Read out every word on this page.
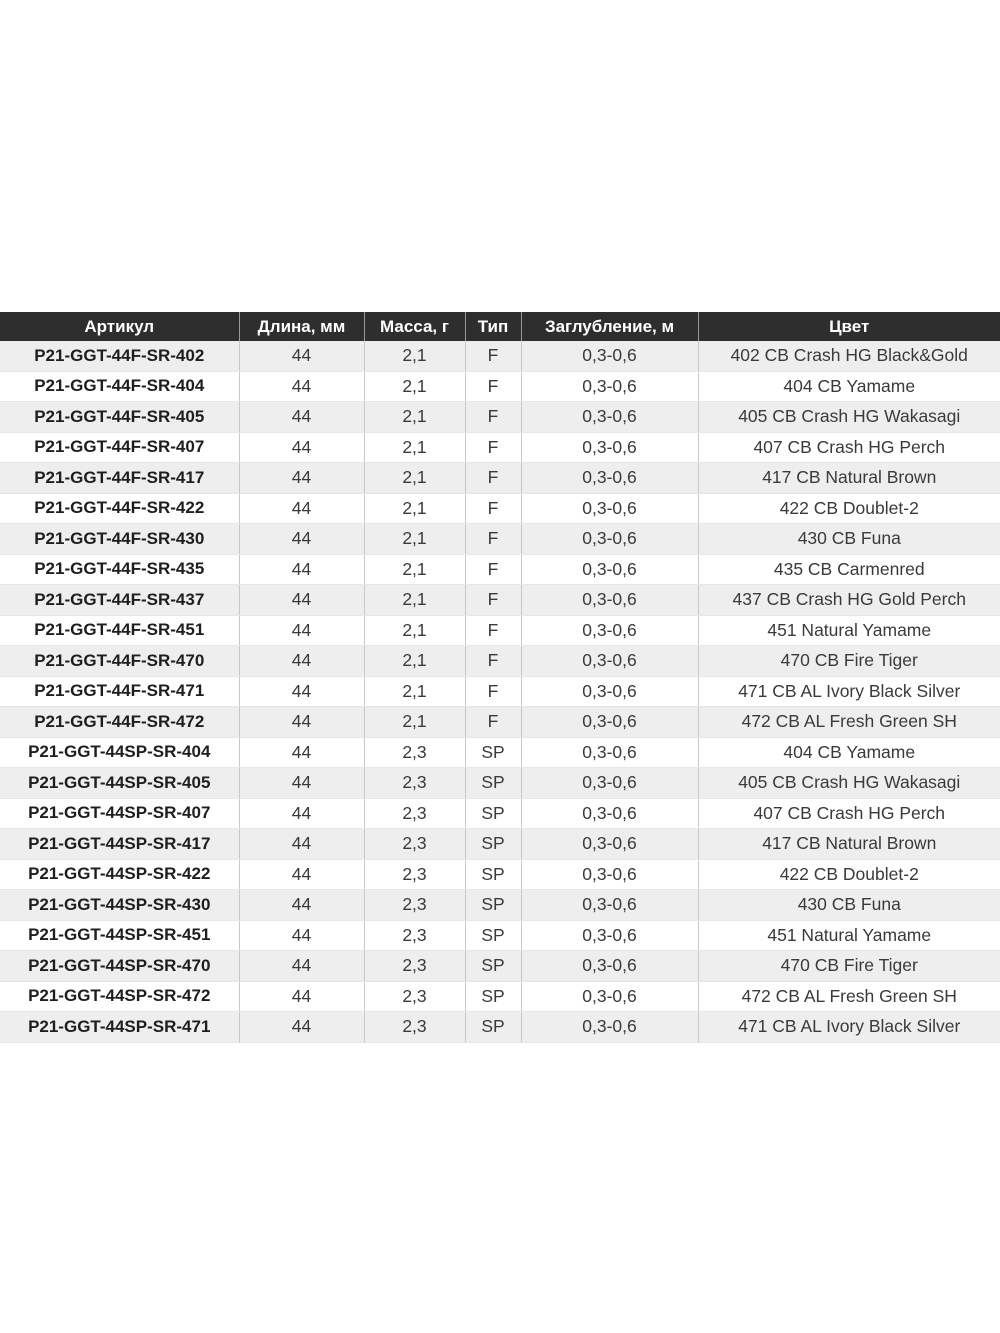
Артикул	Длина, мм	Масса, г	Тип	Заглубление, м	Цвет
P21-GGT-44F-SR-402	44	2,1	F	0,3-0,6	402 CB Crash HG Black&Gold
P21-GGT-44F-SR-404	44	2,1	F	0,3-0,6	404 CB Yamame
P21-GGT-44F-SR-405	44	2,1	F	0,3-0,6	405 CB Crash HG Wakasagi
P21-GGT-44F-SR-407	44	2,1	F	0,3-0,6	407 CB Crash HG Perch
P21-GGT-44F-SR-417	44	2,1	F	0,3-0,6	417 CB Natural Brown
P21-GGT-44F-SR-422	44	2,1	F	0,3-0,6	422 CB Doublet-2
P21-GGT-44F-SR-430	44	2,1	F	0,3-0,6	430 CB Funa
P21-GGT-44F-SR-435	44	2,1	F	0,3-0,6	435 CB Carmenred
P21-GGT-44F-SR-437	44	2,1	F	0,3-0,6	437 CB Crash HG Gold Perch
P21-GGT-44F-SR-451	44	2,1	F	0,3-0,6	451 Natural Yamame
P21-GGT-44F-SR-470	44	2,1	F	0,3-0,6	470 CB Fire Tiger
P21-GGT-44F-SR-471	44	2,1	F	0,3-0,6	471 CB AL Ivory Black Silver
P21-GGT-44F-SR-472	44	2,1	F	0,3-0,6	472 CB AL Fresh Green SH
P21-GGT-44SP-SR-404	44	2,3	SP	0,3-0,6	404 CB Yamame
P21-GGT-44SP-SR-405	44	2,3	SP	0,3-0,6	405 CB Crash HG Wakasagi
P21-GGT-44SP-SR-407	44	2,3	SP	0,3-0,6	407 CB Crash HG Perch
P21-GGT-44SP-SR-417	44	2,3	SP	0,3-0,6	417 CB Natural Brown
P21-GGT-44SP-SR-422	44	2,3	SP	0,3-0,6	422 CB Doublet-2
P21-GGT-44SP-SR-430	44	2,3	SP	0,3-0,6	430 CB Funa
P21-GGT-44SP-SR-451	44	2,3	SP	0,3-0,6	451 Natural Yamame
P21-GGT-44SP-SR-470	44	2,3	SP	0,3-0,6	470 CB Fire Tiger
P21-GGT-44SP-SR-472	44	2,3	SP	0,3-0,6	472 CB AL Fresh Green SH
P21-GGT-44SP-SR-471	44	2,3	SP	0,3-0,6	471 CB AL Ivory Black Silver
